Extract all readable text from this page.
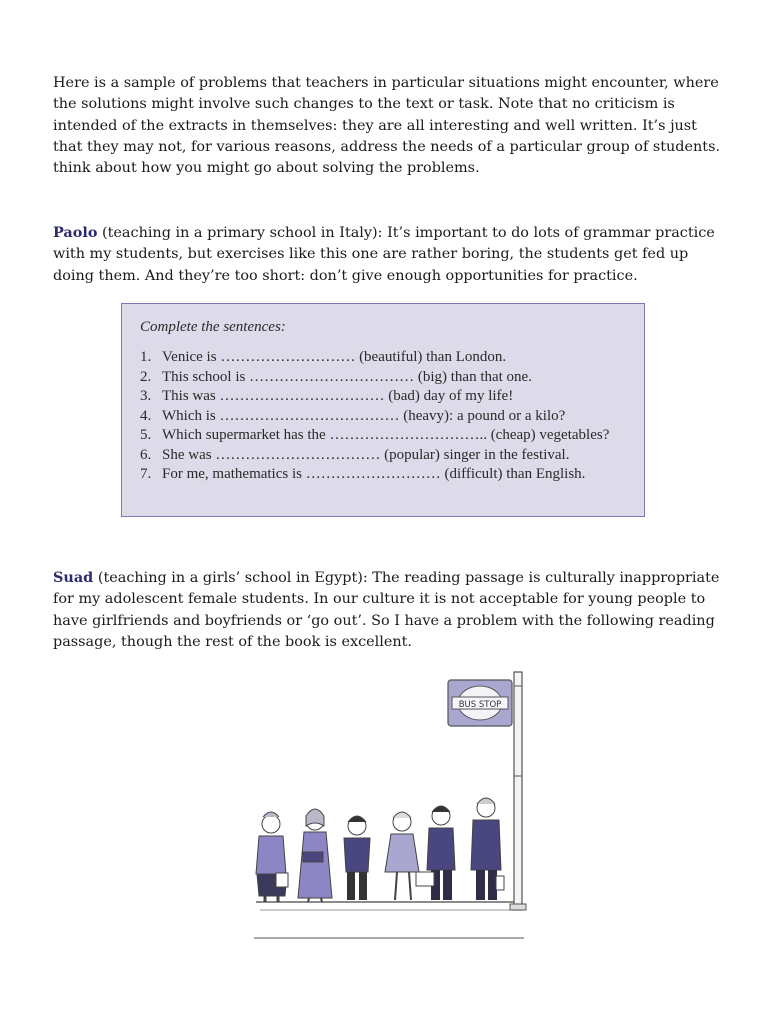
Here is a sample of problems that teachers in particular situations might encounter, where the solutions might involve such changes to the text or task. Note that no criticism is intended of the extracts in themselves: they are all interesting and well written. It’s just that they may not, for various reasons, address the needs of a particular group of students. think about how you might go about solving the problems.

Paolo (teaching in a primary school in Italy): It’s important to do lots of grammar practice with my students, but exercises like this one are rather boring, the students get fed up doing them. And they’re too short: don’t give enough opportunities for practice.

Complete the sentences:
1. Venice is ……………………… (beautiful) than London.
2. This school is …………………………… (big) than that one.
3. This was …………………………… (bad) day of my life!
4. Which is ……………………………… (heavy): a pound or a kilo?
5. Which supermarket has the ………………………….. (cheap) vegetables?
6. She was …………………………… (popular) singer in the festival.
7. For me, mathematics is ……………………… (difficult) than English.

Suad (teaching in a girls’ school in Egypt): The reading passage is culturally inappropriate for my adolescent female students. In our culture it is not acceptable for young people to have girlfriends and boyfriends or ‘go out’. So I have a problem with the following reading passage, though the rest of the book is excellent.

BUS STOP
